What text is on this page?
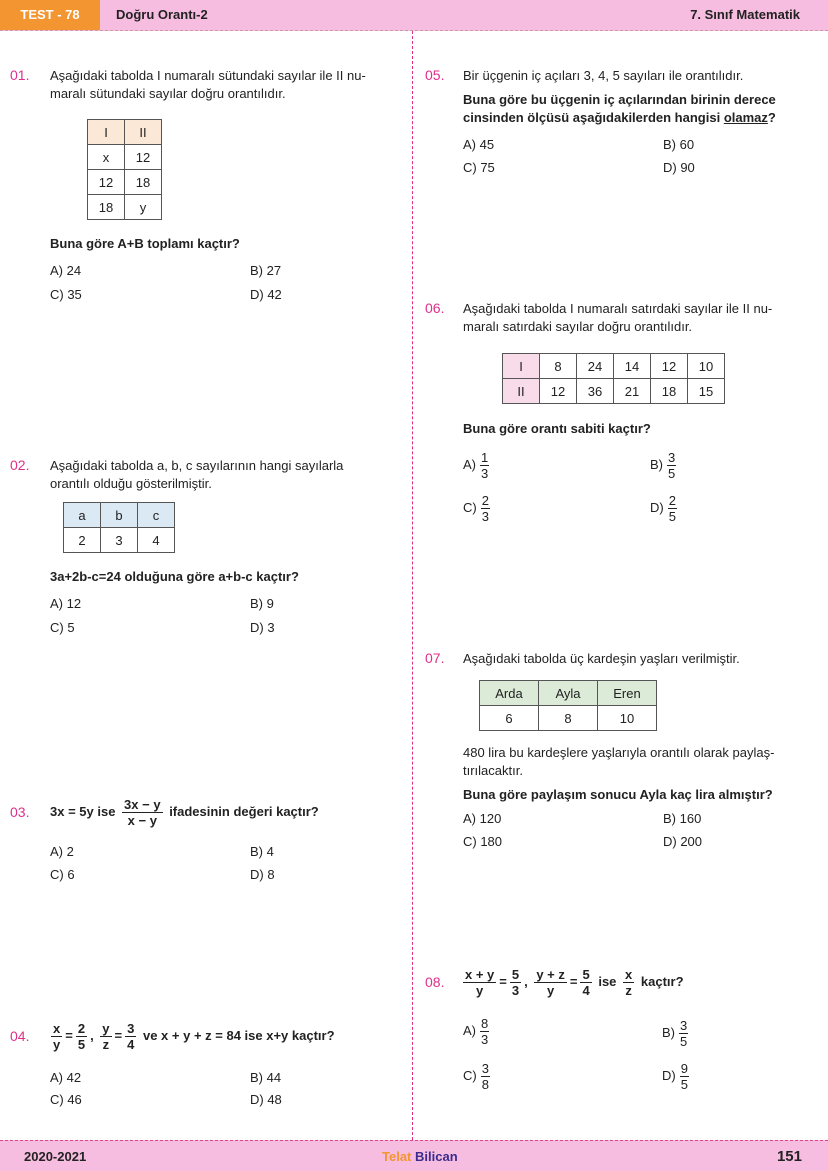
TEST - 78	Doğru Orantı-2	7. Sınıf Matematik
01. Aşağıdaki tabolda I numaralı sütundaki sayılar ile II nu-
maralı sütundaki sayılar doğru orantılıdır.
I	II
x	12
12	18
18	y
Buna göre A+B toplamı kaçtır?
A) 24	B) 27
C) 35	D) 42
02. Aşağıdaki tabolda a, b, c sayılarının hangi sayılarla
orantılı olduğu gösterilmiştir.
a	b	c
2	3	4
3a+2b-c=24 olduğuna göre a+b-c kaçtır?
A) 12	B) 9
C) 5	D) 3
03. 3x = 5y ise $\frac{3x - y}{x - y}$ ifadesinin değeri kaçtır?
A) 2	B) 4
C) 6	D) 8
04. $\frac{x}{y} = \frac{2}{5}$ , $\frac{y}{z} = \frac{3}{4}$ ve x + y + z = 84 ise x+y kaçtır?
A) 42	B) 44
C) 46	D) 48
05. Bir üçgenin iç açıları 3, 4, 5 sayıları ile orantılıdır.
Buna göre bu üçgenin iç açılarından birinin derece
cinsinden ölçüsü aşağıdakilerden hangisi olamaz?
A) 45	B) 60
C) 75	D) 90
06. Aşağıdaki tabolda I numaralı satırdaki sayılar ile II nu-
maralı satırdaki sayılar doğru orantılıdır.
I	8	24	14	12	10
II	12	36	21	18	15
Buna göre orantı sabiti kaçtır?
$A) \frac{1}{3}$	$B) \frac{3}{5}$
$C) \frac{2}{3}$	$D) \frac{2}{5}$
07. Aşağıdaki tabolda üç kardeşin yaşları verilmiştir.
Arda	Ayla	Eren
6	8	10
480 lira bu kardeşlere yaşlarıyla orantılı olarak paylaş-
tırılacaktır.
Buna göre paylaşım sonucu Ayla kaç lira almıştır?
A) 120	B) 160
C) 180	D) 200
08. $\frac{x + y}{y} = \frac{5}{3}$ , $\frac{y + z}{y} = \frac{5}{4}$ ise $\frac{x}{z}$ kaçtır?
$A) \frac{8}{3}$	$B) \frac{3}{5}$
$C) \frac{3}{8}$	$D) \frac{9}{5}$
2020-2021	Telat Bilican	151
